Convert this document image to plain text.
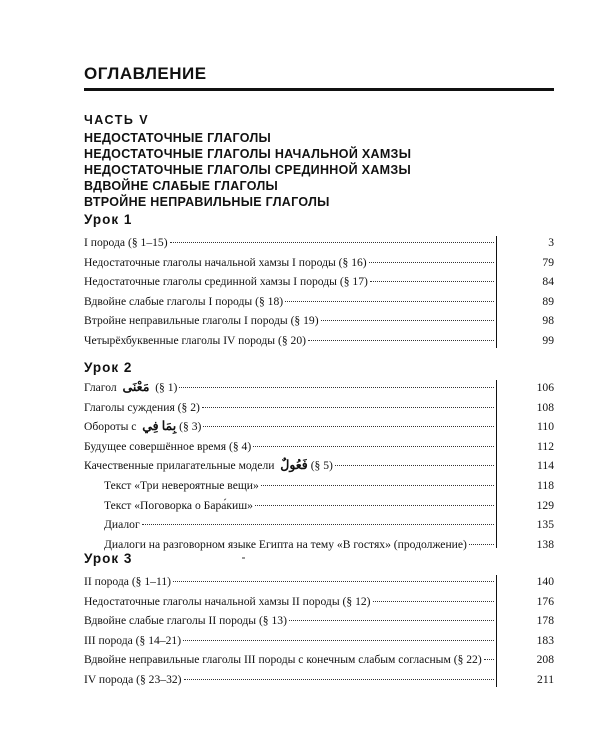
ОГЛАВЛЕНИЕ
ЧАСТЬ V
НЕДОСТАТОЧНЫЕ ГЛАГОЛЫ
НЕДОСТАТОЧНЫЕ ГЛАГОЛЫ НАЧАЛЬНОЙ ХАМЗЫ
НЕДОСТАТОЧНЫЕ ГЛАГОЛЫ СРЕДИННОЙ ХАМЗЫ
ВДВОЙНЕ СЛАБЫЕ ГЛАГОЛЫ
ВТРОЙНЕ НЕПРАВИЛЬНЫЕ ГЛАГОЛЫ
Урок 1
I порода (§ 1–15)	3
Недостаточные глаголы начальной хамзы I породы (§ 16)	79
Недостаточные глаголы срединной хамзы I породы (§ 17)	84
Вдвойне слабые глаголы I породы (§ 18)	89
Втройне неправильные глаголы I породы (§ 19)	98
Четырёхбуквенные глаголы IV породы (§ 20)	99
Урок 2
Глагол مَعْنَى (§ 1)	106
Глаголы суждения (§ 2)	108
Обороты с بِمَا فِي (§ 3)	110
Будущее совершённое время (§ 4)	112
Качественные прилагательные модели فَعُولٌ (§ 5)	114
Текст «Три невероятные вещи»	118
Текст «Поговорка о Бара́киш»	129
Диалог	135
Диалоги на разговорном языке Египта на тему «В гостях» (продолжение)	138
Урок 3
II порода (§ 1–11)	140
Недостаточные глаголы начальной хамзы II породы (§ 12)	176
Вдвойне слабые глаголы II породы (§ 13)	178
III порода (§ 14–21)	183
Вдвойне неправильные глаголы III породы с конечным слабым согласным (§ 22)	208
IV порода (§ 23–32)	211
